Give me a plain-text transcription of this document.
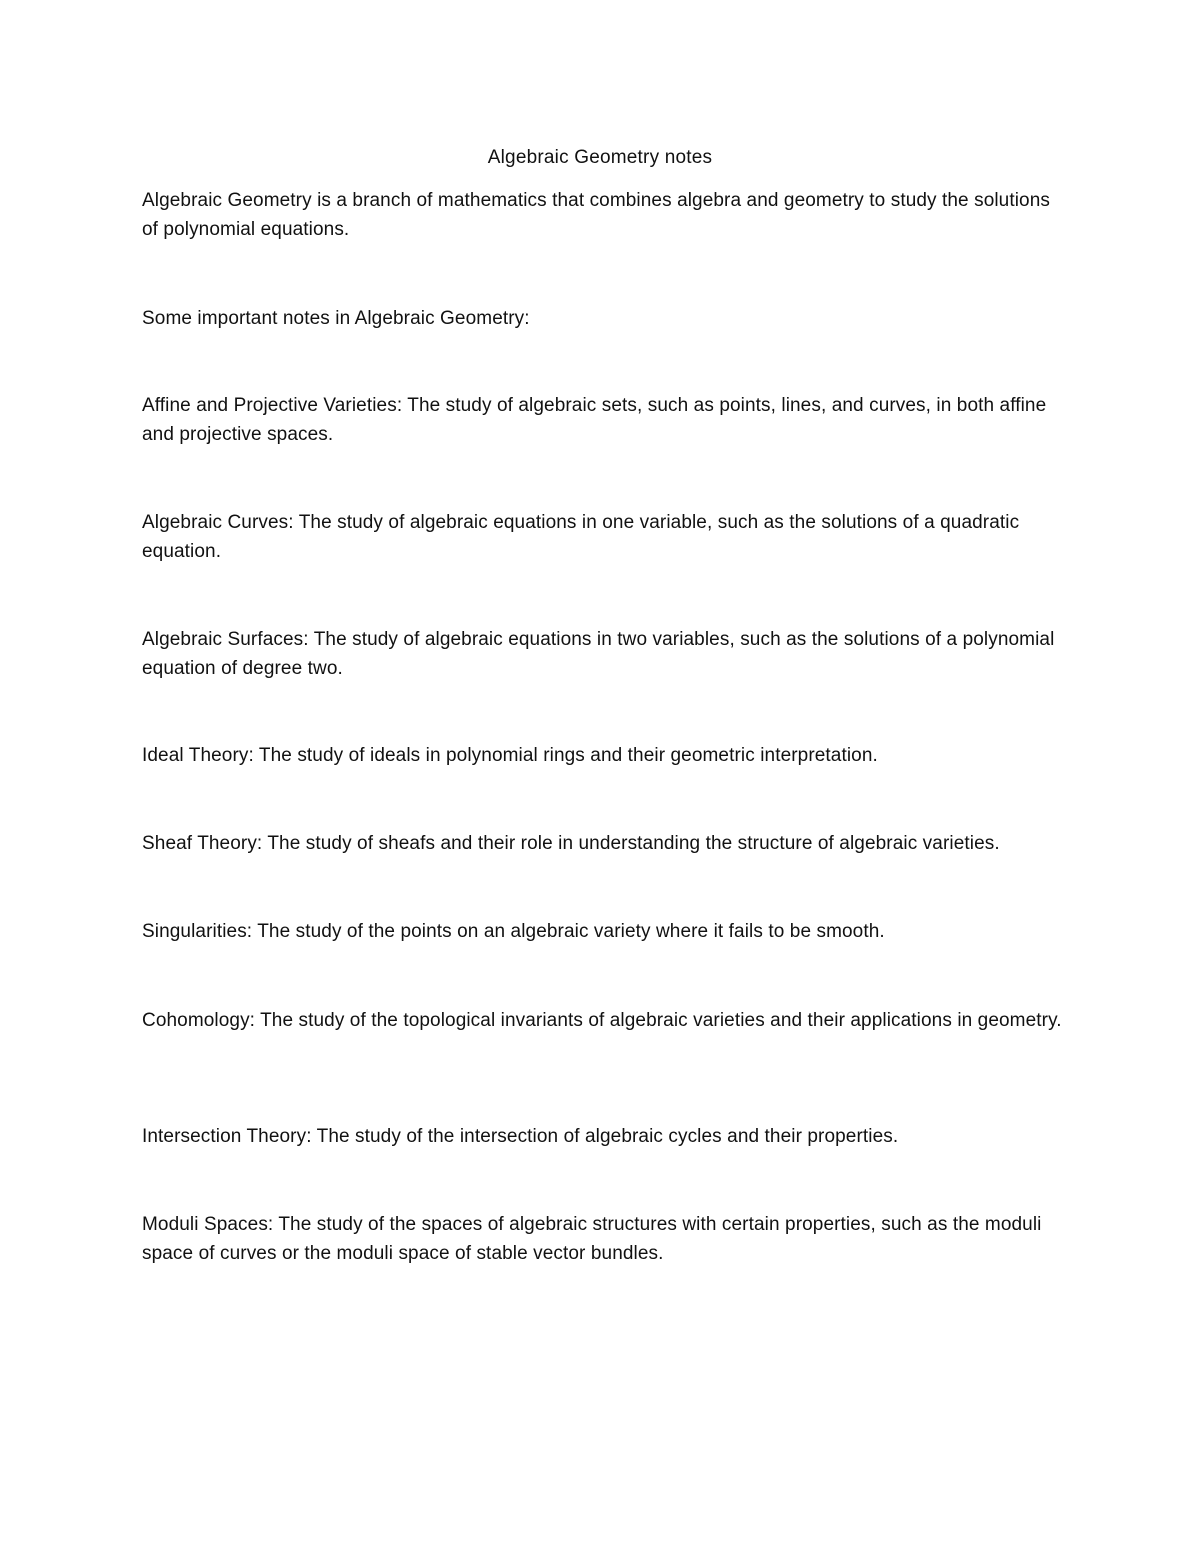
Algebraic Geometry notes

Algebraic Geometry is a branch of mathematics that combines algebra and geometry to study the solutions of polynomial equations.

Some important notes in Algebraic Geometry:

Affine and Projective Varieties: The study of algebraic sets, such as points, lines, and curves, in both affine and projective spaces.

Algebraic Curves: The study of algebraic equations in one variable, such as the solutions of a quadratic equation.

Algebraic Surfaces: The study of algebraic equations in two variables, such as the solutions of a polynomial equation of degree two.

Ideal Theory: The study of ideals in polynomial rings and their geometric interpretation.

Sheaf Theory: The study of sheafs and their role in understanding the structure of algebraic varieties.

Singularities: The study of the points on an algebraic variety where it fails to be smooth.

Cohomology: The study of the topological invariants of algebraic varieties and their applications in geometry.

Intersection Theory: The study of the intersection of algebraic cycles and their properties.

Moduli Spaces: The study of the spaces of algebraic structures with certain properties, such as the moduli space of curves or the moduli space of stable vector bundles.
